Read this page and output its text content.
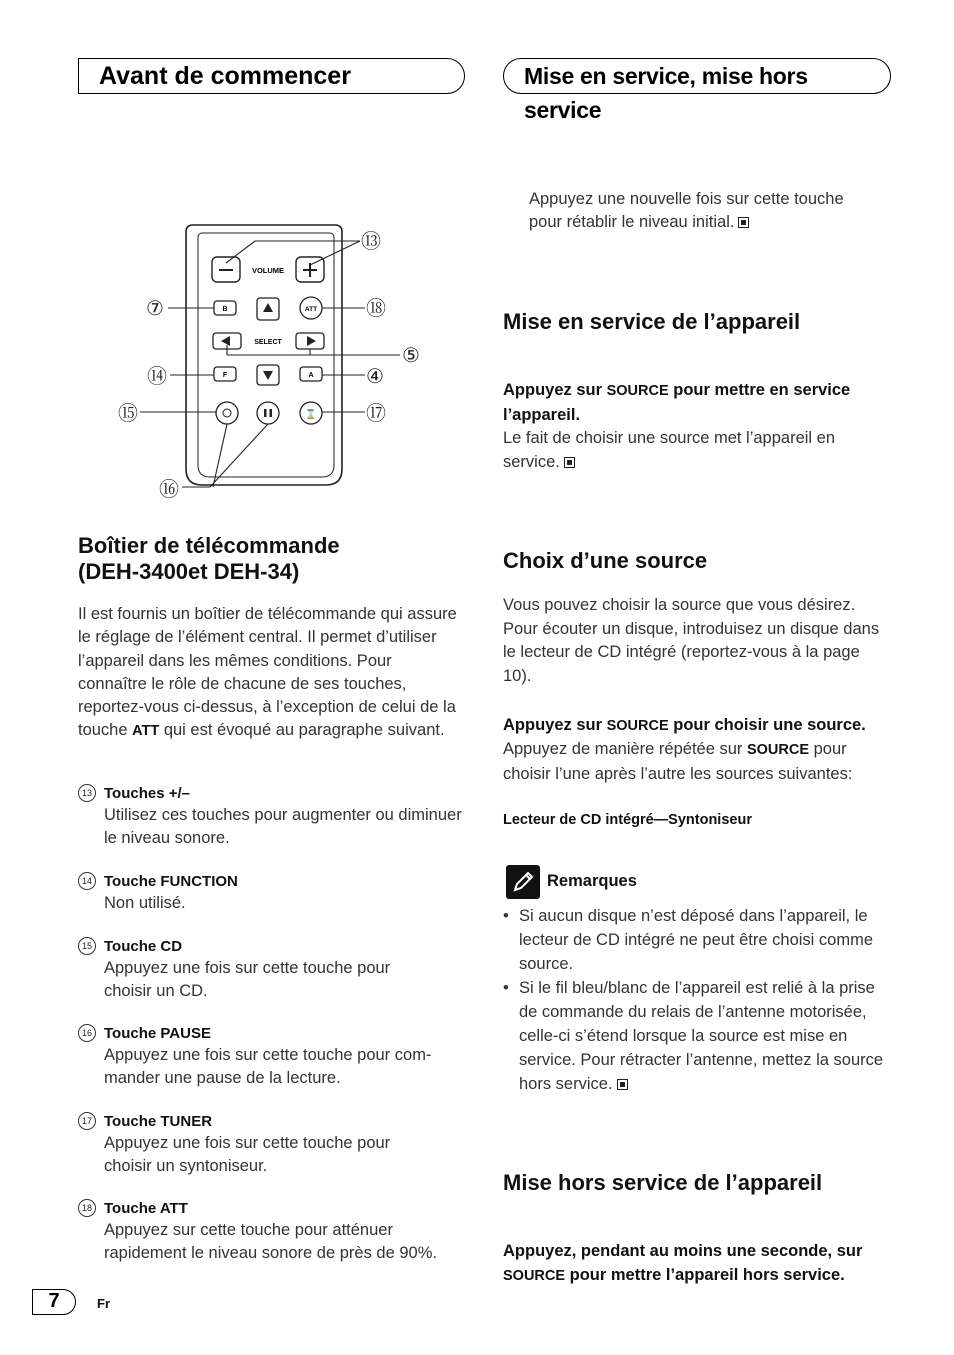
Avant de commencer	Mise en service, mise hors service
VOLUME
B	ATT
SELECT
F	A
⌛
⑬
⑦	⑱
⑤
⑭	④
⑮	⑰
⑯
Boîtier de télécommande
(DEH-3400et DEH-34)

Il est fournis un boîtier de télécommande qui assure le réglage de l’élément central. Il permet d’utiliser l’appareil dans les mêmes conditions. Pour connaître le rôle de chacune de ses touches, reportez-vous ci-dessus, à l’exception de celui de la touche ATT qui est évoqué au paragraphe suivant.

13 Touches +/–
Utilisez ces touches pour augmenter ou diminuer le niveau sonore.
14 Touche FUNCTION
Non utilisé.
15 Touche CD
Appuyez une fois sur cette touche pour choisir un CD.
16 Touche PAUSE
Appuyez une fois sur cette touche pour com-mander une pause de la lecture.
17 Touche TUNER
Appuyez une fois sur cette touche pour choisir un syntoniseur.
18 Touche ATT
Appuyez sur cette touche pour atténuer rapidement le niveau sonore de près de 90%.

Appuyez une nouvelle fois sur cette touche pour rétablir le niveau initial.

Mise en service de l’appareil

Appuyez sur SOURCE pour mettre en service l’appareil.

Le fait de choisir une source met l’appareil en service.

Choix d’une source

Vous pouvez choisir la source que vous désirez. Pour écouter un disque, introduisez un disque dans le lecteur de CD intégré (reportez-vous à la page 10).

Appuyez sur SOURCE pour choisir une source.

Appuyez de manière répétée sur SOURCE pour choisir l’une après l’autre les sources suivantes:

Lecteur de CD intégré—Syntoniseur
Remarques
• Si aucun disque n’est déposé dans l’appareil, le lecteur de CD intégré ne peut être choisi comme source.
• Si le fil bleu/blanc de l’appareil est relié à la prise de commande du relais de l’antenne motorisée, celle-ci s’étend lorsque la source est mise en service. Pour rétracter l’antenne, mettez la source hors service.
Mise hors service de l’appareil

Appuyez, pendant au moins une seconde, sur SOURCE pour mettre l’appareil hors service.

7	Fr
